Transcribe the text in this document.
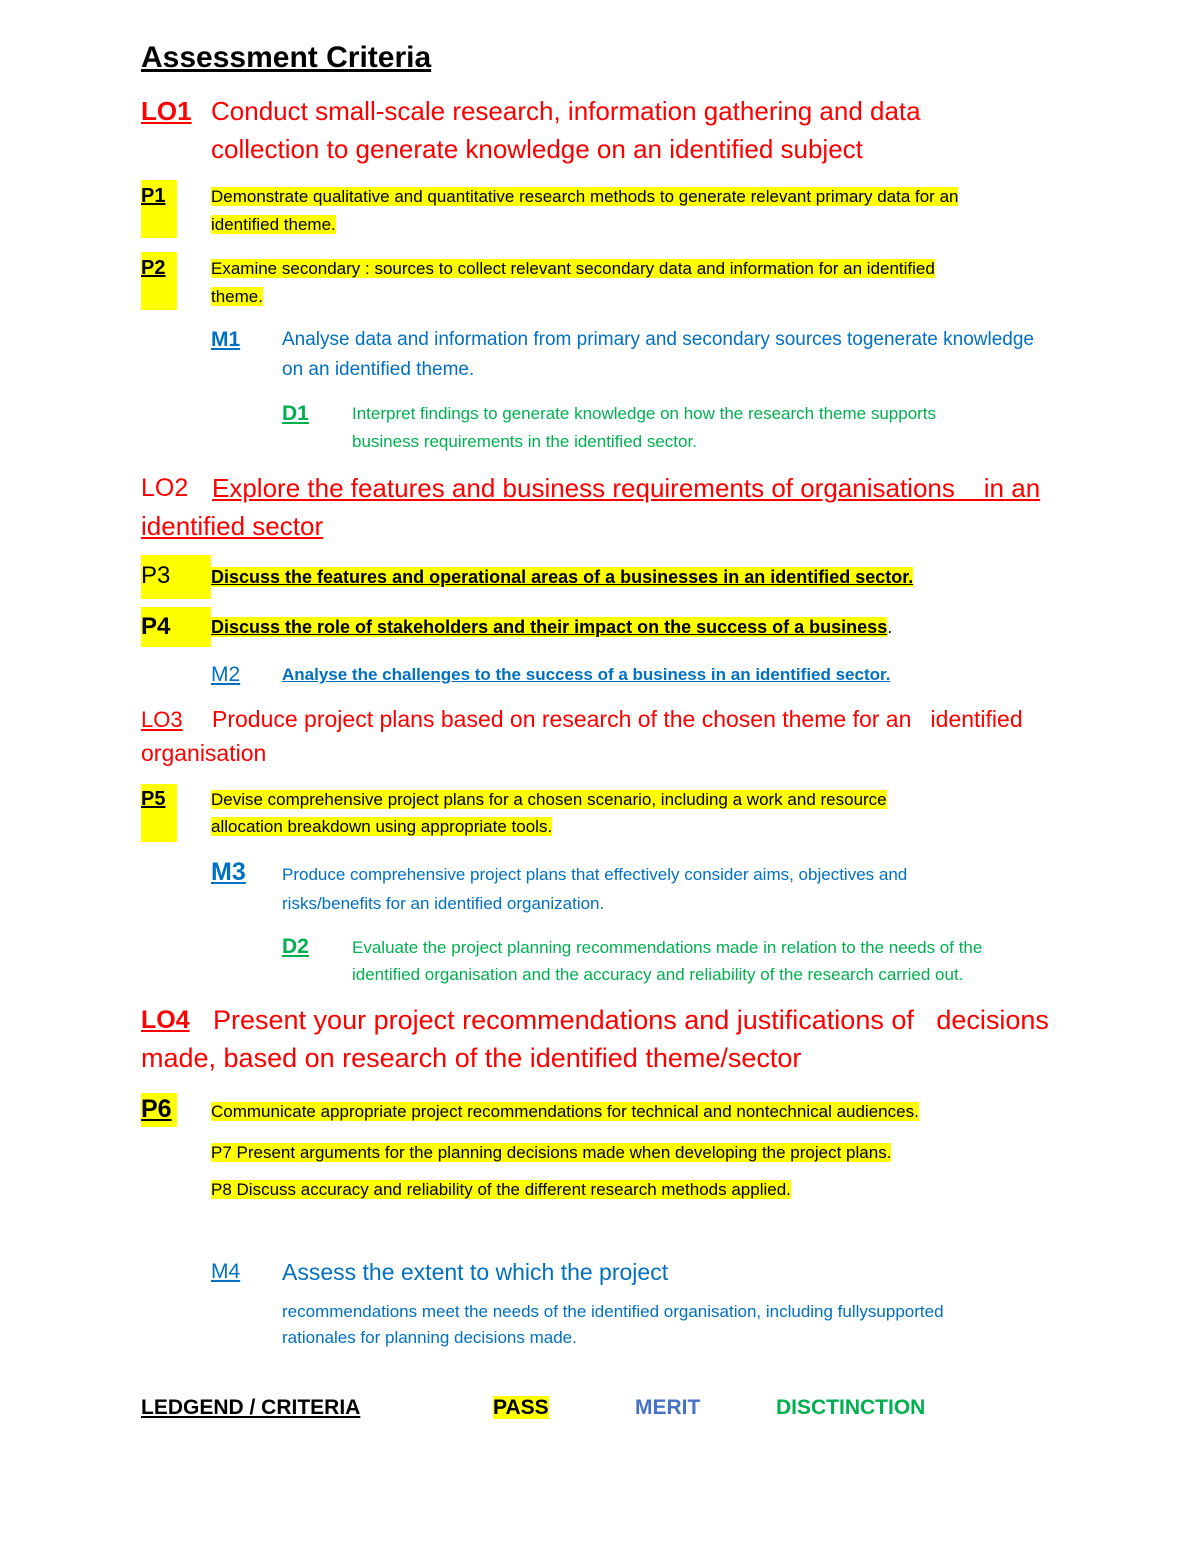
Assessment Criteria
LO1 Conduct small-scale research, information gathering and data
collection to generate knowledge on an identified subject
P1	Demonstrate qualitative and quantitative research methods to generate relevant primary data for an
identified theme.
P2	Examine secondary : sources to collect relevant secondary data and information for an identified
theme.
M1 Analyse data and information from primary and secondary sources togenerate knowledge
on an identified theme.
D1	Interpret findings to generate knowledge on how the research theme supports
business requirements in the identified sector.
LO2 Explore the features and business requirements of organisations    in an
identified sector
P3 Discuss the features and operational areas of a businesses in an identified sector.
P4 Discuss the role of stakeholders and their impact on the success of a business.
M2 Analyse the challenges to the success of a business in an identified sector.
LO3 Produce project plans based on research of the chosen theme for an   identified
organisation
P5	Devise comprehensive project plans for a chosen scenario, including a work and resource
allocation breakdown using appropriate tools.
M3 Produce comprehensive project plans that effectively consider aims, objectives and
risks/benefits for an identified organization.
D2	Evaluate the project planning recommendations made in relation to the needs of the
identified organisation and the accuracy and reliability of the research carried out.
LO4 Present your project recommendations and justifications of   decisions
made, based on research of the identified theme/sector
P6 Communicate appropriate project recommendations for technical and nontechnical audiences.
P7 Present arguments for the planning decisions made when developing the project plans.
P8 Discuss accuracy and reliability of the different research methods applied.
M4 Assess the extent to which the project
recommendations meet the needs of the identified organisation, including fullysupported
rationales for planning decisions made.
LEDGEND / CRITERIA	PASS	MERIT	DISCTINCTION
